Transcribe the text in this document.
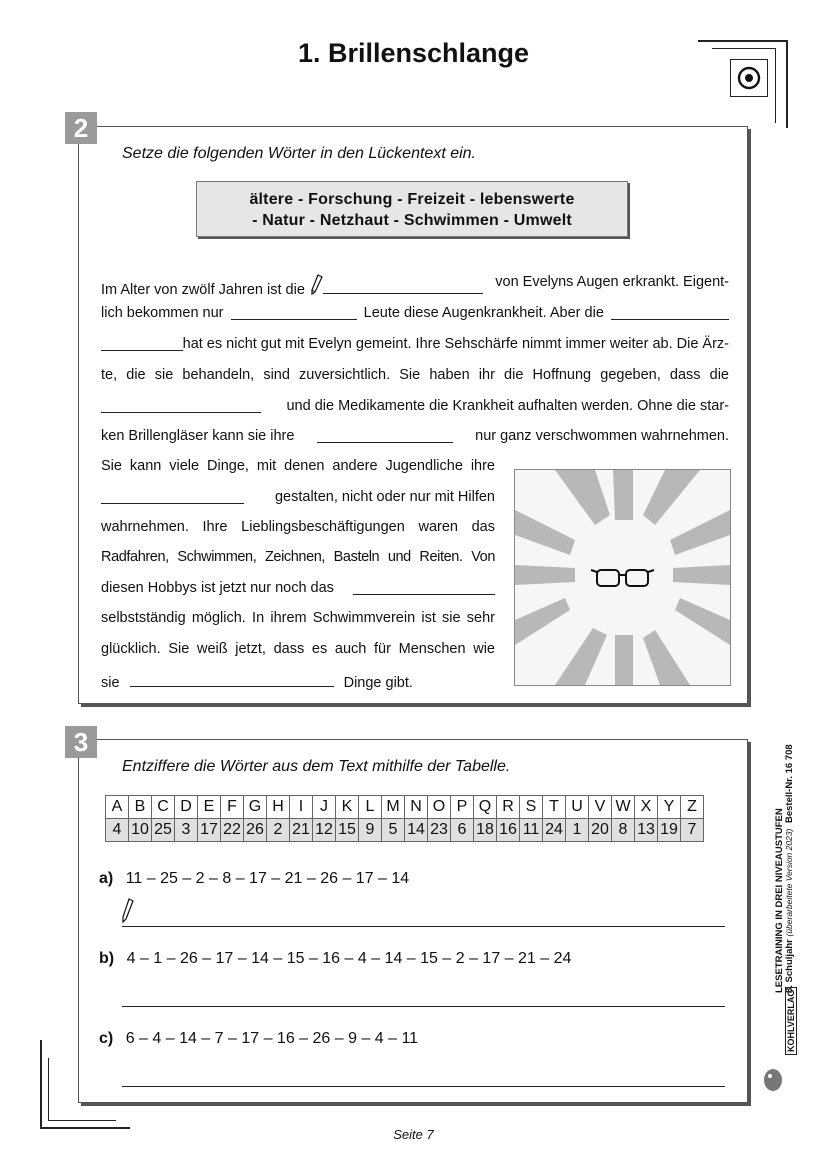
1. Brillenschlange
2
Setze die folgenden Wörter in den Lückentext ein.
ältere - Forschung - Freizeit - lebenswerte
- Natur - Netzhaut - Schwimmen - Umwelt
Im Alter von zwölf Jahren ist die	von Evelyns Augen erkrankt. Eigent-
lich bekommen nur	Leute diese Augenkrankheit. Aber die
hat es nicht gut mit Evelyn gemeint. Ihre Sehschärfe nimmt immer weiter ab. Die Ärz-
te, die sie behandeln, sind zuversichtlich. Sie haben ihr die Hoffnung gegeben, dass die
und die Medikamente die Krankheit aufhalten werden. Ohne die star-
ken Brillengläser kann sie ihre	nur ganz verschwommen wahrnehmen.
Sie kann viele Dinge, mit denen andere Jugendliche ihre
gestalten, nicht oder nur mit Hilfen
wahrnehmen. Ihre Lieblingsbeschäftigungen waren das
Radfahren, Schwimmen, Zeichnen, Basteln und Reiten. Von
diesen Hobbys ist jetzt nur noch das
selbstständig möglich. In ihrem Schwimmverein ist sie sehr
glücklich. Sie weiß jetzt, dass es auch für Menschen wie
sie	Dinge gibt.
3
Entziffere die Wörter aus dem Text mithilfe der Tabelle.
A	B	C	D	E	F	G	H	I	J	K	L	M	N	O	P	Q	R	S	T	U	V	W	X	Y	Z
4	10	25	3	17	22	26	2	21	12	15	9	5	14	23	6	18	16	11	24	1	20	8	13	19	7
a) 11 – 25 – 2 – 8 – 17 – 21 – 26 – 17 – 14
b) 4 – 1 – 26 – 17 – 14 – 15 – 16 – 4 – 14 – 15 – 2 – 17 – 21 – 24
c) 6 – 4 – 14 – 7 – 17 – 16 – 26 – 9 – 4 – 11
LESETRAINING IN DREI NIVEAUSTUFEN 8. Schuljahr (überarbeitete Version 2023)
Bestell-Nr. 16 708
KOHLVERLAG
Seite 7
